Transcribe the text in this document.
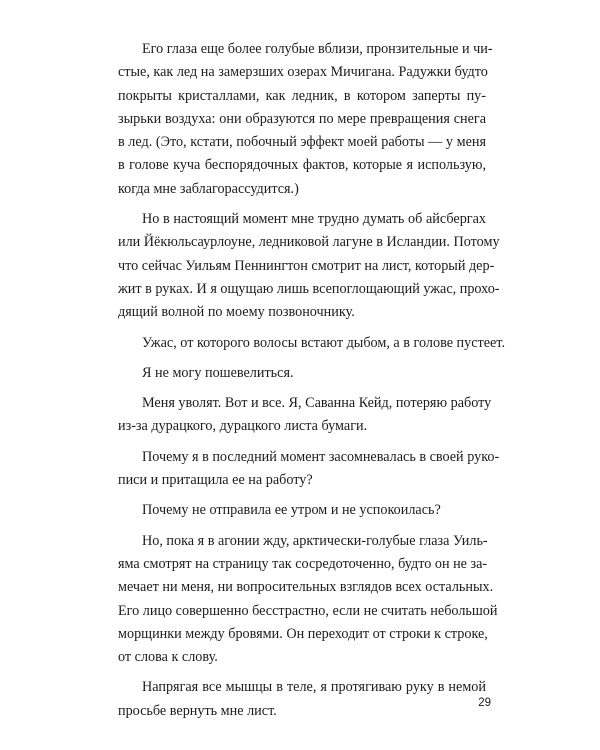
Его глаза еще более голубые вблизи, пронзительные и чи-
стые, как лед на замерзших озерах Мичигана. Радужки будто
покрыты кристаллами, как ледник, в котором заперты пу-
зырьки воздуха: они образуются по мере превращения снега
в лед. (Это, кстати, побочный эффект моей работы — у меня
в голове куча беспорядочных фактов, которые я использую,
когда мне заблагорассудится.)
Но в настоящий момент мне трудно думать об айсбергах
или Йёкюльсаурлоуне, ледниковой лагуне в Исландии. Потому
что сейчас Уильям Пеннингтон смотрит на лист, который дер-
жит в руках. И я ощущаю лишь всепоглощающий ужас, прохо-
дящий волной по моему позвоночнику.
Ужас, от которого волосы встают дыбом, а в голове пустеет.
Я не могу пошевелиться.
Меня уволят. Вот и все. Я, Саванна Кейд, потеряю работу
из-за дурацкого, дурацкого листа бумаги.
Почему я в последний момент засомневалась в своей руко-
писи и притащила ее на работу?
Почему не отправила ее утром и не успокоилась?
Но, пока я в агонии жду, арктически-голубые глаза Уиль-
яма смотрят на страницу так сосредоточенно, будто он не за-
мечает ни меня, ни вопросительных взглядов всех остальных.
Его лицо совершенно бесстрастно, если не считать небольшой
морщинки между бровями. Он переходит от строки к строке,
от слова к слову.
Напрягая все мышцы в теле, я протягиваю руку в немой
просьбе вернуть мне лист.	29
